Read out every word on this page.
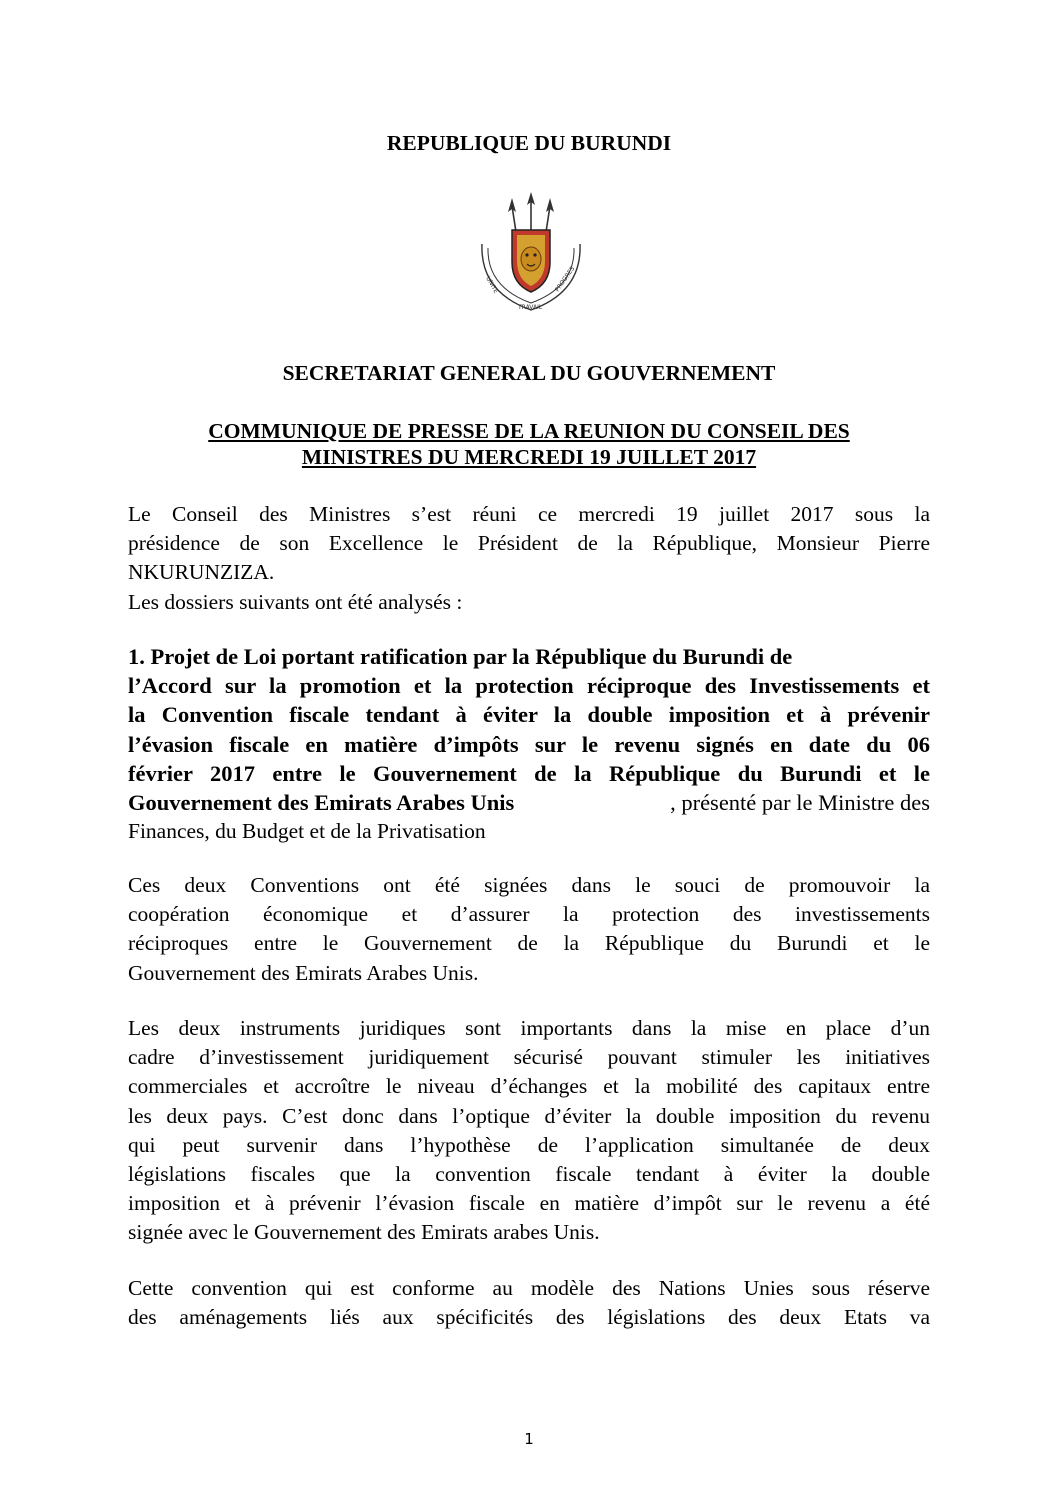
REPUBLIQUE DU BURUNDI
UNITE
TRAVAIL
PROGRES
SECRETARIAT GENERAL DU GOUVERNEMENT
COMMUNIQUE DE PRESSE DE LA REUNION DU CONSEIL DES
MINISTRES DU MERCREDI 19 JUILLET 2017
Le Conseil des Ministres s’est réuni ce mercredi 19 juillet 2017 sous la
présidence de son Excellence le Président de la République, Monsieur Pierre
NKURUNZIZA.
Les dossiers suivants ont été analysés :
1. Projet de Loi portant ratification par la République du Burundi de
l’Accord sur la promotion et la protection réciproque des Investissements et
la Convention fiscale tendant à éviter la double imposition et à prévenir
l’évasion fiscale en matière d’impôts sur le revenu signés en date du 06
février 2017 entre le Gouvernement de la République du Burundi et le
Gouvernement des Emirats Arabes Unis	, présenté par le Ministre des
Finances, du Budget et de la Privatisation
Ces deux Conventions ont été signées dans le souci de promouvoir la
coopération économique et d’assurer la protection des investissements
réciproques entre le Gouvernement de la République du Burundi et le
Gouvernement des Emirats Arabes Unis.
Les deux instruments juridiques sont importants dans la mise en place d’un
cadre d’investissement juridiquement sécurisé pouvant stimuler les initiatives
commerciales et accroître le niveau d’échanges et la mobilité des capitaux entre
les deux pays. C’est donc dans l’optique d’éviter la double imposition du revenu
qui peut survenir dans l’hypothèse de l’application simultanée de deux
législations fiscales que la convention fiscale tendant à éviter la double
imposition et à prévenir l’évasion fiscale en matière d’impôt sur le revenu a été
signée avec le Gouvernement des Emirats arabes Unis.
Cette convention qui est conforme au modèle des Nations Unies sous réserve
des aménagements liés aux spécificités des législations des deux Etats va
1
